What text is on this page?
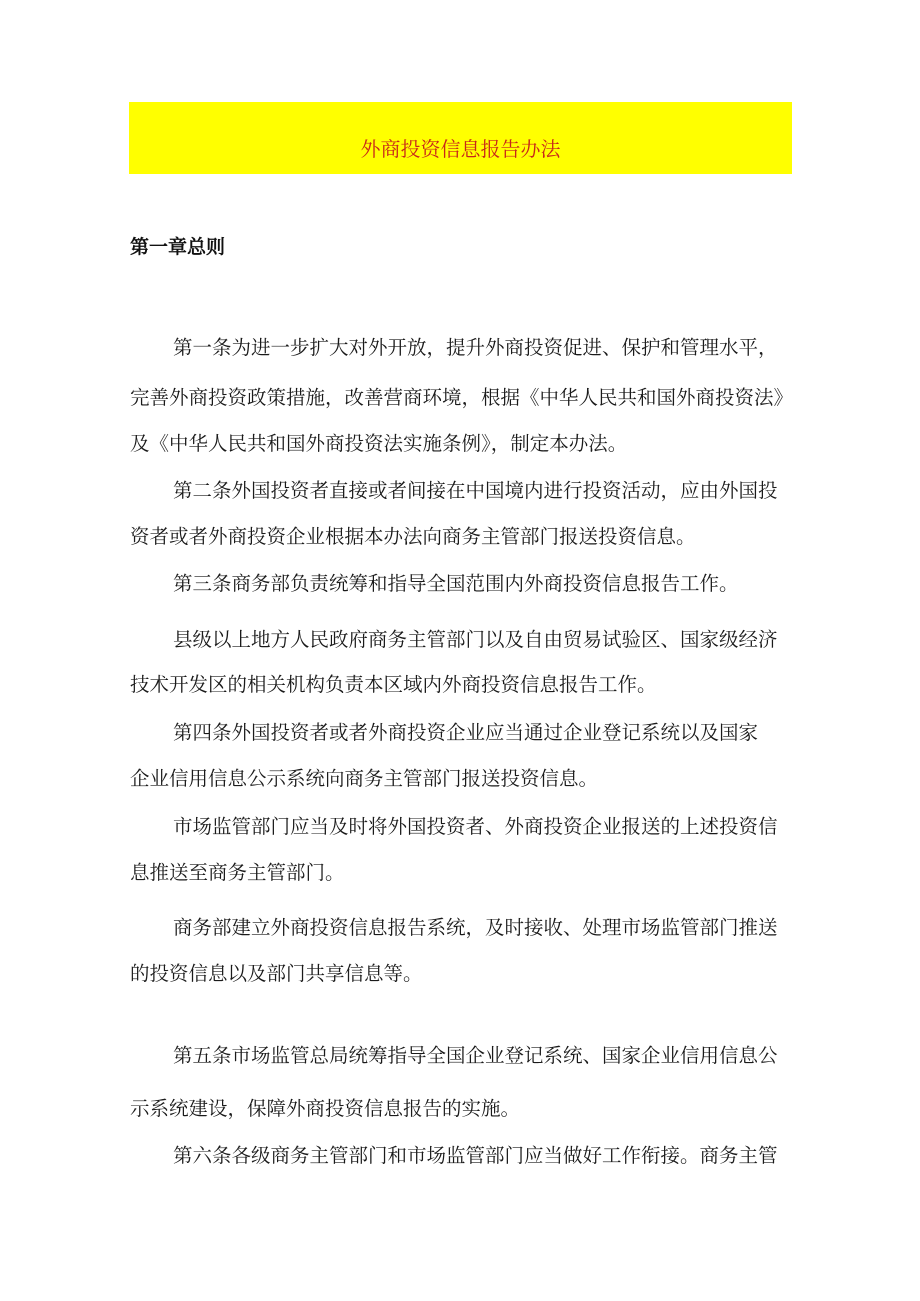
外商投资信息报告办法
第一章总则
第一条为进一步扩大对外开放，提升外商投资促进、保护和管理水平，
完善外商投资政策措施，改善营商环境，根据《中华人民共和国外商投资法》
及《中华人民共和国外商投资法实施条例》，制定本办法。
第二条外国投资者直接或者间接在中国境内进行投资活动，应由外国投
资者或者外商投资企业根据本办法向商务主管部门报送投资信息。
第三条商务部负责统筹和指导全国范围内外商投资信息报告工作。
县级以上地方人民政府商务主管部门以及自由贸易试验区、国家级经济
技术开发区的相关机构负责本区域内外商投资信息报告工作。
第四条外国投资者或者外商投资企业应当通过企业登记系统以及国家
企业信用信息公示系统向商务主管部门报送投资信息。
市场监管部门应当及时将外国投资者、外商投资企业报送的上述投资信
息推送至商务主管部门。
商务部建立外商投资信息报告系统，及时接收、处理市场监管部门推送
的投资信息以及部门共享信息等。
第五条市场监管总局统筹指导全国企业登记系统、国家企业信用信息公
示系统建设，保障外商投资信息报告的实施。
第六条各级商务主管部门和市场监管部门应当做好工作衔接。商务主管
